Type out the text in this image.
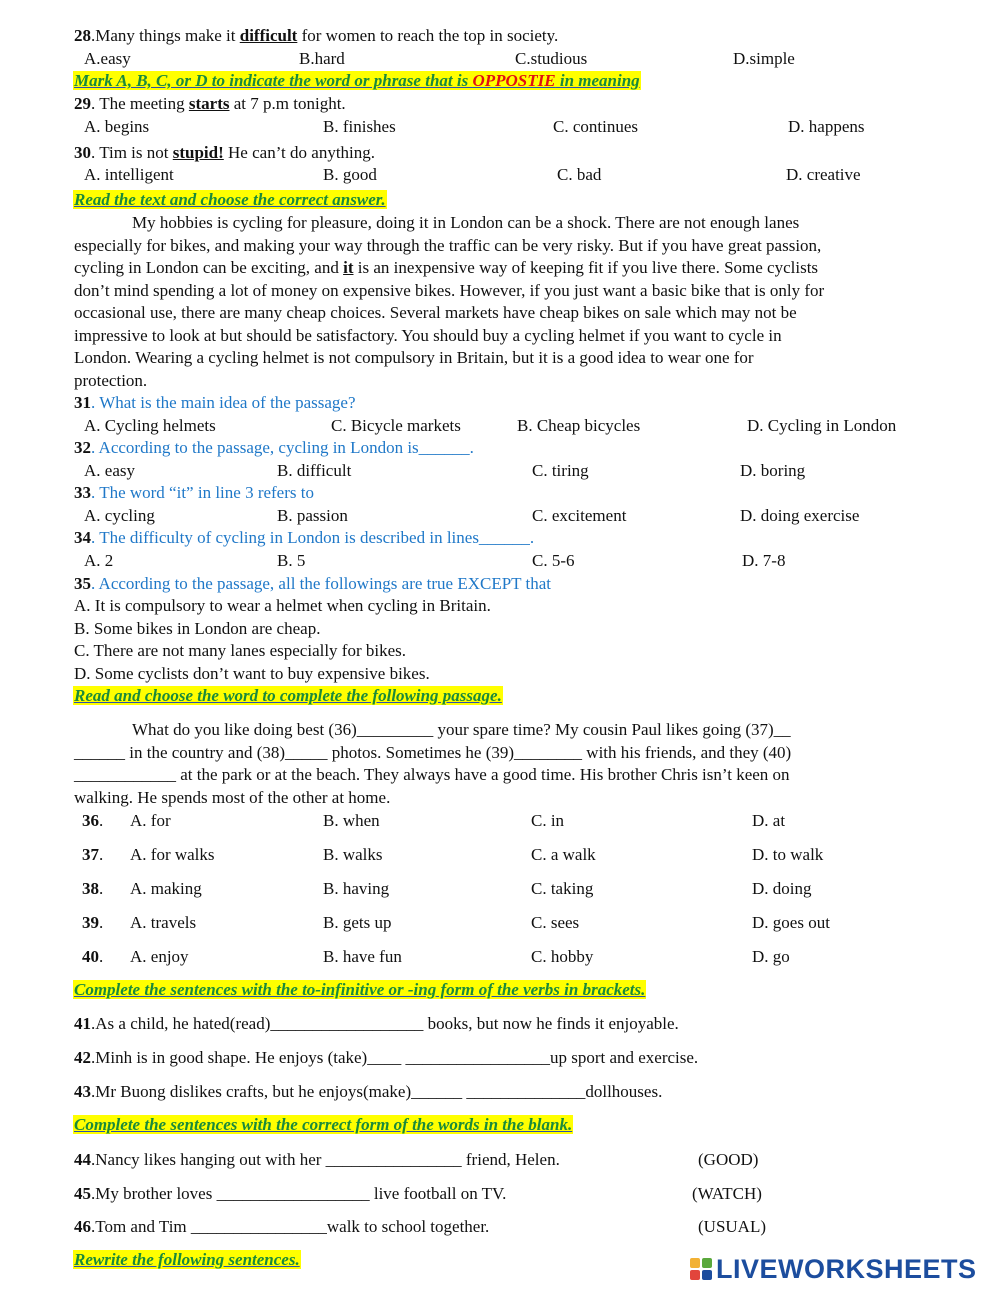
28.Many things make it difficult for women to reach the top in society.
A.easy	B.hard	C.studious	D.simple
Mark A, B, C, or D to indicate the word or phrase that is OPPOSTIE in meaning
29. The meeting starts at 7 p.m tonight.
A. begins	B. finishes	C. continues	D. happens
30. Tim is not stupid! He can’t do anything.
A. intelligent	B. good	C. bad	D. creative
Read the text and choose the correct answer.
My hobbies is cycling for pleasure, doing it in London can be a shock. There are not enough lanes
especially for bikes, and making your way through the traffic can be very risky. But if you have great passion,
cycling in London can be exciting, and it is an inexpensive way of keeping fit if you live there. Some cyclists
don’t mind spending a lot of money on expensive bikes. However, if you just want a basic bike that is only for
occasional use, there are many cheap choices. Several markets have cheap bikes on sale which may not be
impressive to look at but should be satisfactory. You should buy a cycling helmet if you want to cycle in
London. Wearing a cycling helmet is not compulsory in Britain, but it is a good idea to wear one for
protection.
31. What is the main idea of the passage?
A. Cycling helmets	C. Bicycle markets	B. Cheap bicycles	D. Cycling in London
32. According to the passage, cycling in London is______.
A. easy	B. difficult	C. tiring	D. boring
33. The word “it” in line 3 refers to
A. cycling	B. passion	C. excitement	D. doing exercise
34. The difficulty of cycling in London is described in lines______.
A. 2	B. 5	C. 5-6	D. 7-8
35. According to the passage, all the followings are true EXCEPT that
A. It is compulsory to wear a helmet when cycling in Britain.
B. Some bikes in London are cheap.
C. There are not many lanes especially for bikes.
D. Some cyclists don’t want to buy expensive bikes.
Read and choose the word to complete the following passage.
What do you like doing best (36)_________ your spare time? My cousin Paul likes going (37)__
______ in the country and (38)_____ photos. Sometimes he (39)________ with his friends, and they (40)
____________ at the park or at the beach. They always have a good time. His brother Chris isn’t keen on
walking. He spends most of the other at home.
36. A. for	B. when	C. in	D. at
37. A. for walks	B. walks	C. a walk	D. to walk
38. A. making	B. having	C. taking	D. doing
39. A. travels	B. gets up	C. sees	D. goes out
40. A. enjoy	B. have fun	C. hobby	D. go
Complete the sentences with the to-infinitive or -ing form of the verbs in brackets.
41.As a child, he hated(read)__________________ books, but now he finds it enjoyable.
42.Minh is in good shape. He enjoys (take)____ _________________up sport and exercise.
43.Mr Buong dislikes crafts, but he enjoys(make)______ ______________dollhouses.
Complete the sentences with the correct form of the words in the blank.
44.Nancy likes hanging out with her ________________ friend, Helen.	(GOOD)
45.My brother loves __________________ live football on TV.	(WATCH)
46.Tom and Tim ________________walk to school together.	(USUAL)
Rewrite the following sentences.	LIVEWORKSHEETS
